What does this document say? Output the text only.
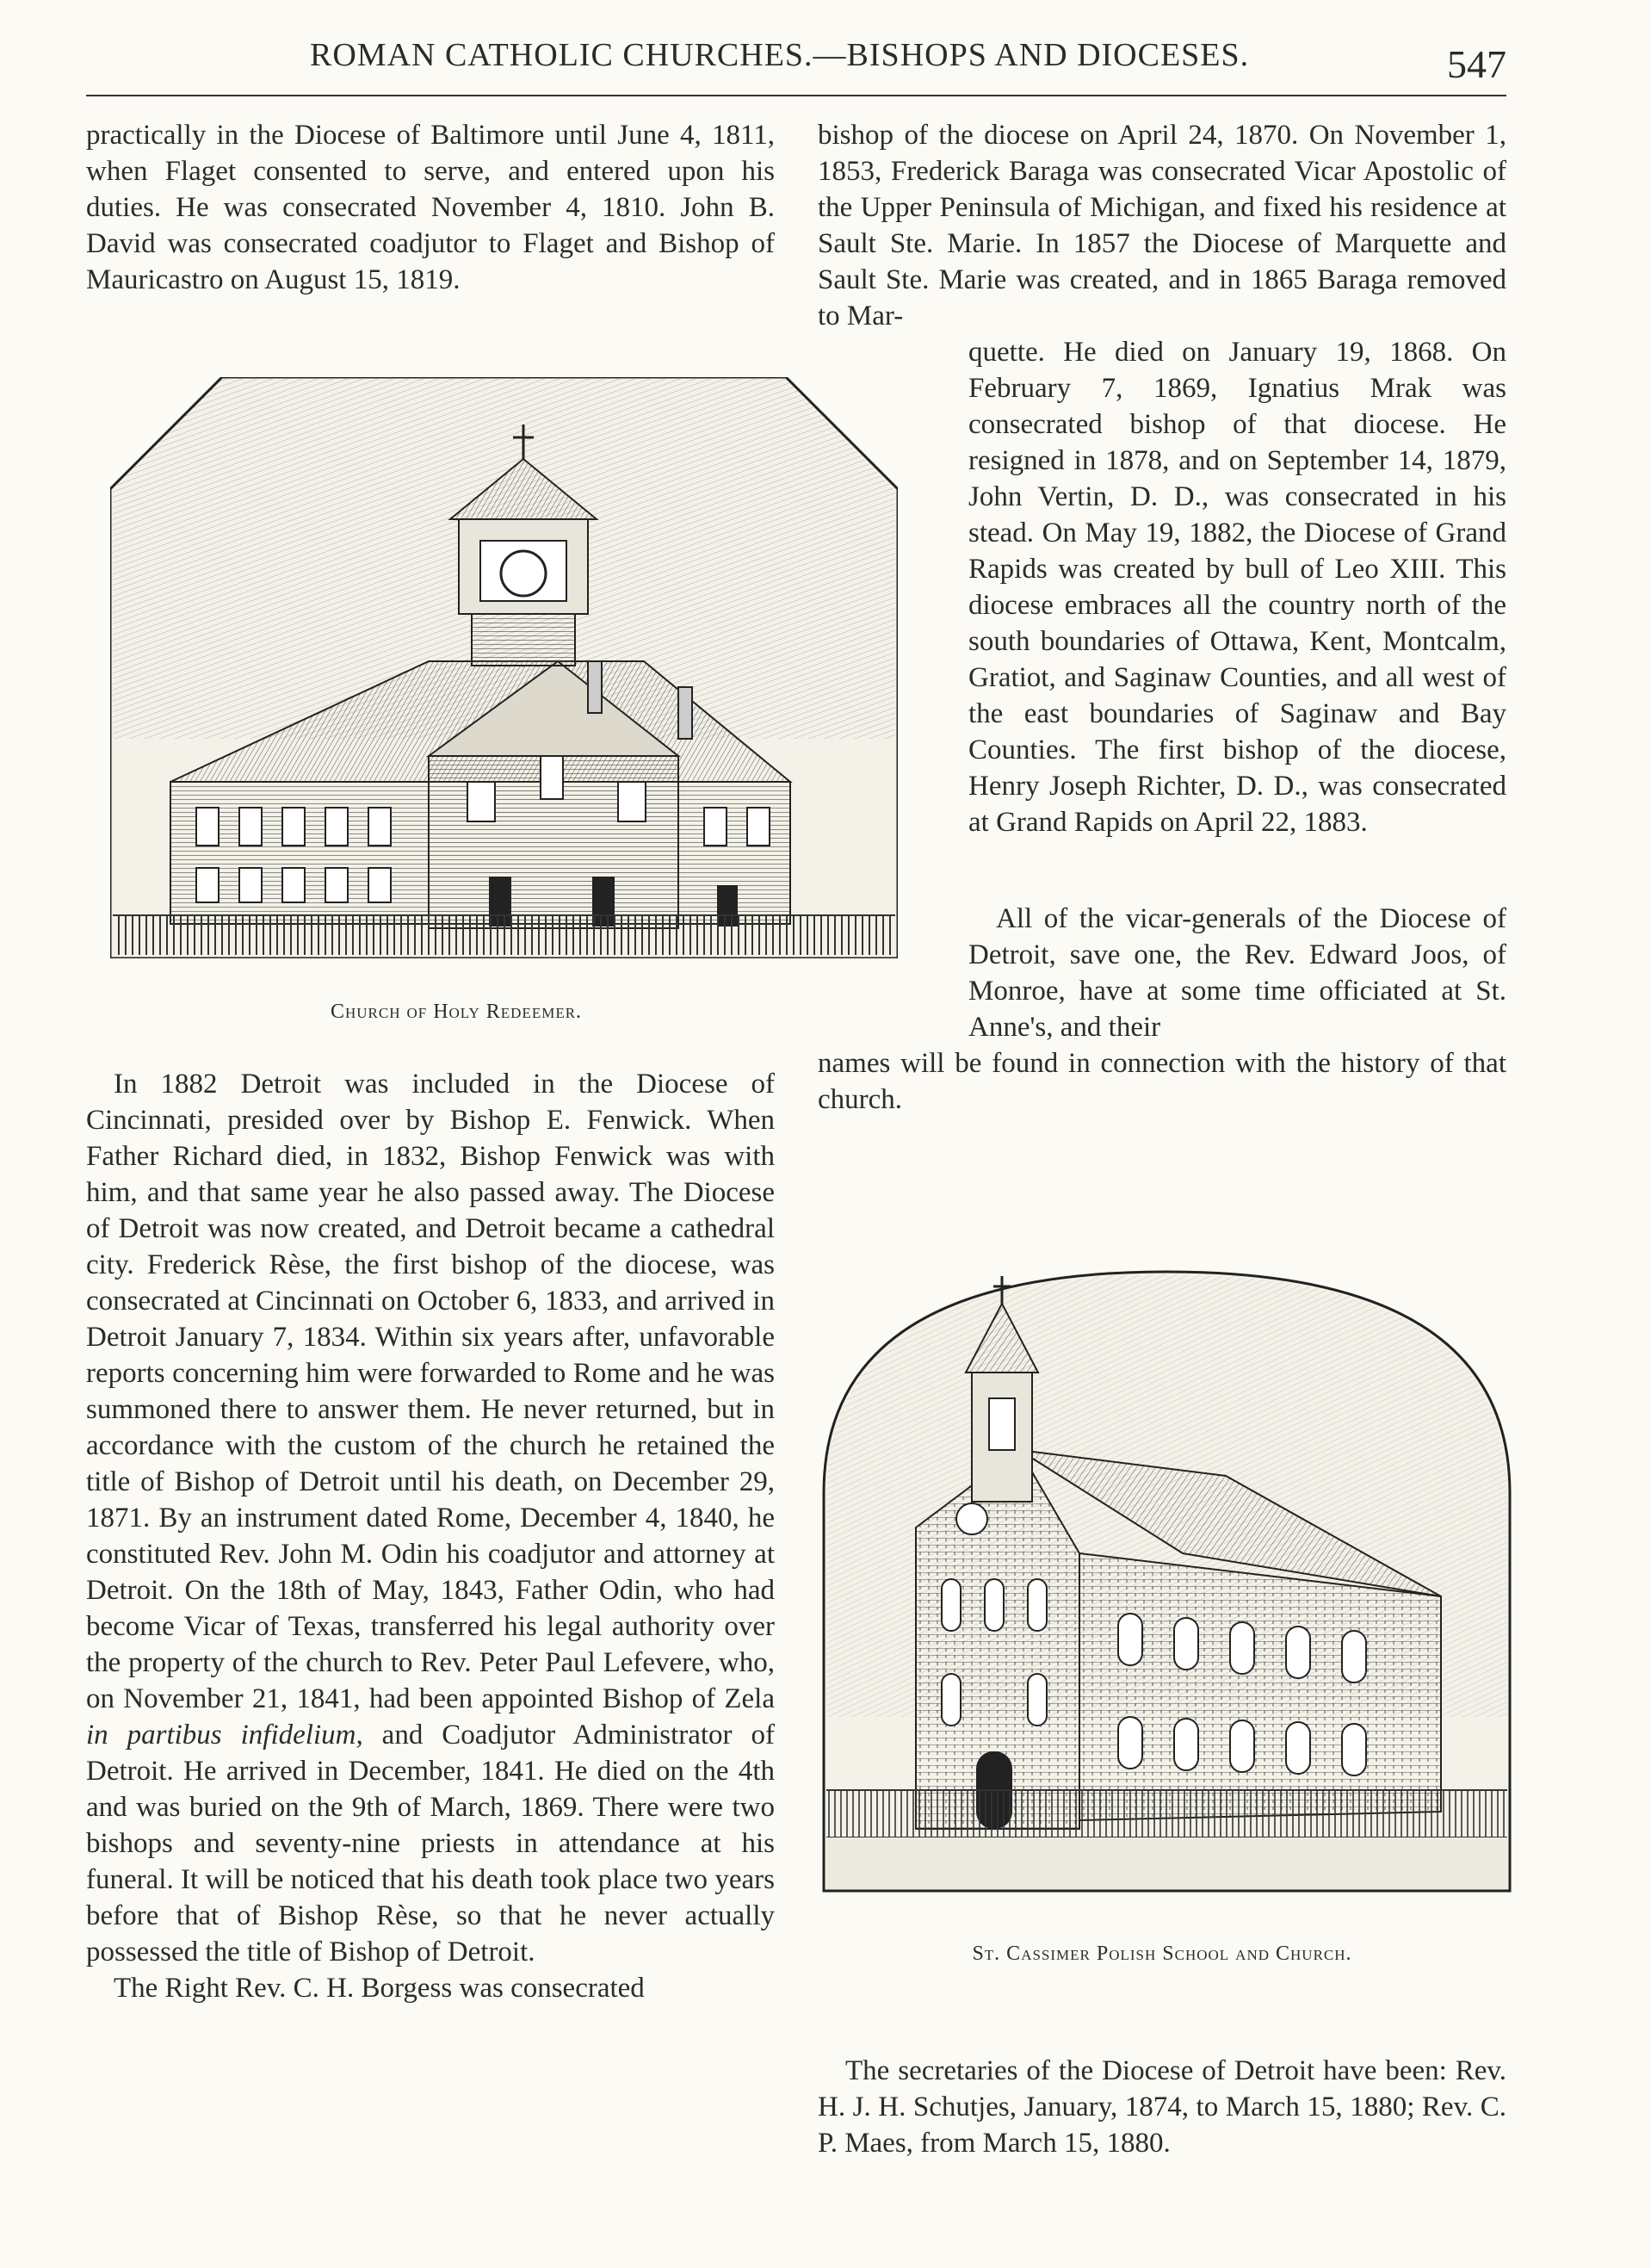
ROMAN CATHOLIC CHURCHES.—BISHOPS AND DIOCESES.	547

practically in the Diocese of Baltimore until June 4, 1811, when Flaget consented to serve, and entered upon his duties. He was consecrated November 4, 1810. John B. David was consecrated coadjutor to Flaget and Bishop of Mauricastro on August 15, 1819.

Church of Holy Redeemer.

In 1882 Detroit was included in the Diocese of Cincinnati, presided over by Bishop E. Fenwick. When Father Richard died, in 1832, Bishop Fenwick was with him, and that same year he also passed away. The Diocese of Detroit was now created, and Detroit became a cathedral city. Frederick Rèse, the first bishop of the diocese, was consecrated at Cincinnati on October 6, 1833, and arrived in Detroit January 7, 1834. Within six years after, unfavorable reports concerning him were forwarded to Rome and he was summoned there to answer them. He never returned, but in accordance with the custom of the church he retained the title of Bishop of Detroit until his death, on December 29, 1871. By an instrument dated Rome, December 4, 1840, he constituted Rev. John M. Odin his coadjutor and attorney at Detroit. On the 18th of May, 1843, Father Odin, who had become Vicar of Texas, transferred his legal authority over the property of the church to Rev. Peter Paul Lefevere, who, on November 21, 1841, had been appointed Bishop of Zela in partibus infidelium, and Coadjutor Administrator of Detroit. He arrived in December, 1841. He died on the 4th and was buried on the 9th of March, 1869. There were two bishops and seventy-nine priests in attendance at his funeral. It will be noticed that his death took place two years before that of Bishop Rèse, so that he never actually possessed the title of Bishop of Detroit.

The Right Rev. C. H. Borgess was consecrated

bishop of the diocese on April 24, 1870. On November 1, 1853, Frederick Baraga was consecrated Vicar Apostolic of the Upper Peninsula of Michigan, and fixed his residence at Sault Ste. Marie. In 1857 the Diocese of Marquette and Sault Ste. Marie was created, and in 1865 Baraga removed to Mar-

quette. He died on January 19, 1868. On February 7, 1869, Ignatius Mrak was consecrated bishop of that diocese. He resigned in 1878, and on September 14, 1879, John Vertin, D. D., was consecrated in his stead. On May 19, 1882, the Diocese of Grand Rapids was created by bull of Leo XIII. This diocese embraces all the country north of the south boundaries of Ottawa, Kent, Montcalm, Gratiot, and Saginaw Counties, and all west of the east boundaries of Saginaw and Bay Counties. The first bishop of the diocese, Henry Joseph Richter, D. D., was consecrated at Grand Rapids on April 22, 1883.

All of the vicar-generals of the Diocese of Detroit, save one, the Rev. Edward Joos, of Monroe, have at some time officiated at St. Anne's, and their

names will be found in connection with the history of that church.

St. Cassimer Polish School and Church.

The secretaries of the Diocese of Detroit have been: Rev. H. J. H. Schutjes, January, 1874, to March 15, 1880; Rev. C. P. Maes, from March 15, 1880.
